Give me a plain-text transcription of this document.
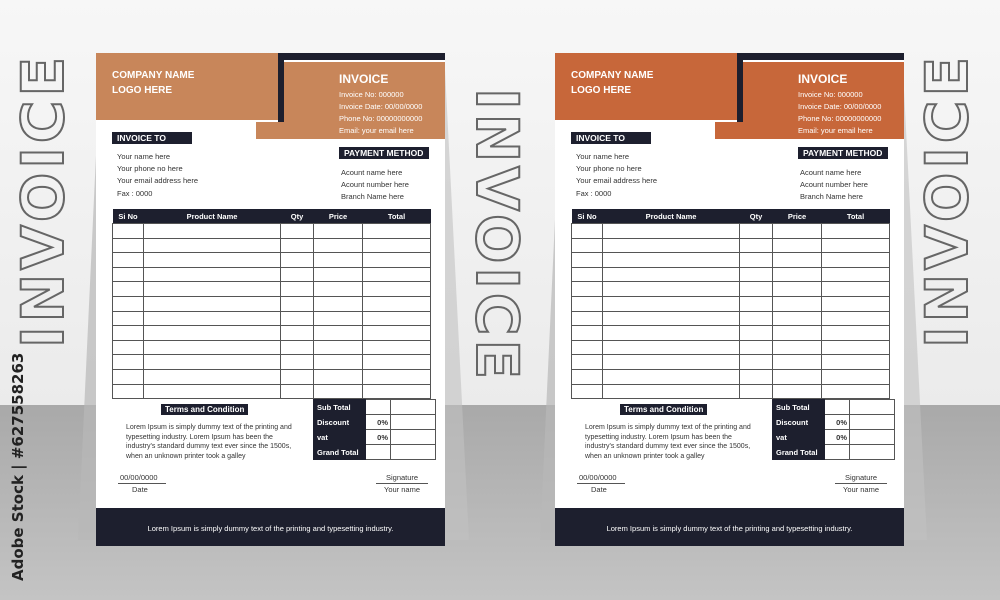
INVOICE	INVOICE	INVOICE
Adobe Stock | #627558263
COMPANY NAME
LOGO HERE
INVOICE
Invoice No: 000000
Invoice Date: 00/00/0000
Phone No: 00000000000
Email: your email here
INVOICE TO
Your name here
Your phone no here
Your email address here
Fax : 0000
PAYMENT METHOD
Acount name here
Acount number here
Branch Name here
Si No	Product Name	Qty	Price	Total

Terms and Condition
Lorem Ipsum is simply dummy text of the printing and typesetting industry. Lorem Ipsum has been the industry's standard dummy text ever since the 1500s, when an unknown printer took a galley
Sub Total		
Discount	0%	
vat	0%	
Grand Total		
00/00/0000
Date
Signature
Your name
Lorem Ipsum is simply dummy text of the printing and typesetting industry.
COMPANY NAME
LOGO HERE
INVOICE
Invoice No: 000000
Invoice Date: 00/00/0000
Phone No: 00000000000
Email: your email here
INVOICE TO
Your name here
Your phone no here
Your email address here
Fax : 0000
PAYMENT METHOD
Acount name here
Acount number here
Branch Name here
Si No	Product Name	Qty	Price	Total

Terms and Condition
Lorem Ipsum is simply dummy text of the printing and typesetting industry. Lorem Ipsum has been the industry's standard dummy text ever since the 1500s, when an unknown printer took a galley
Sub Total		
Discount	0%	
vat	0%	
Grand Total		
00/00/0000
Date
Signature
Your name
Lorem Ipsum is simply dummy text of the printing and typesetting industry.
